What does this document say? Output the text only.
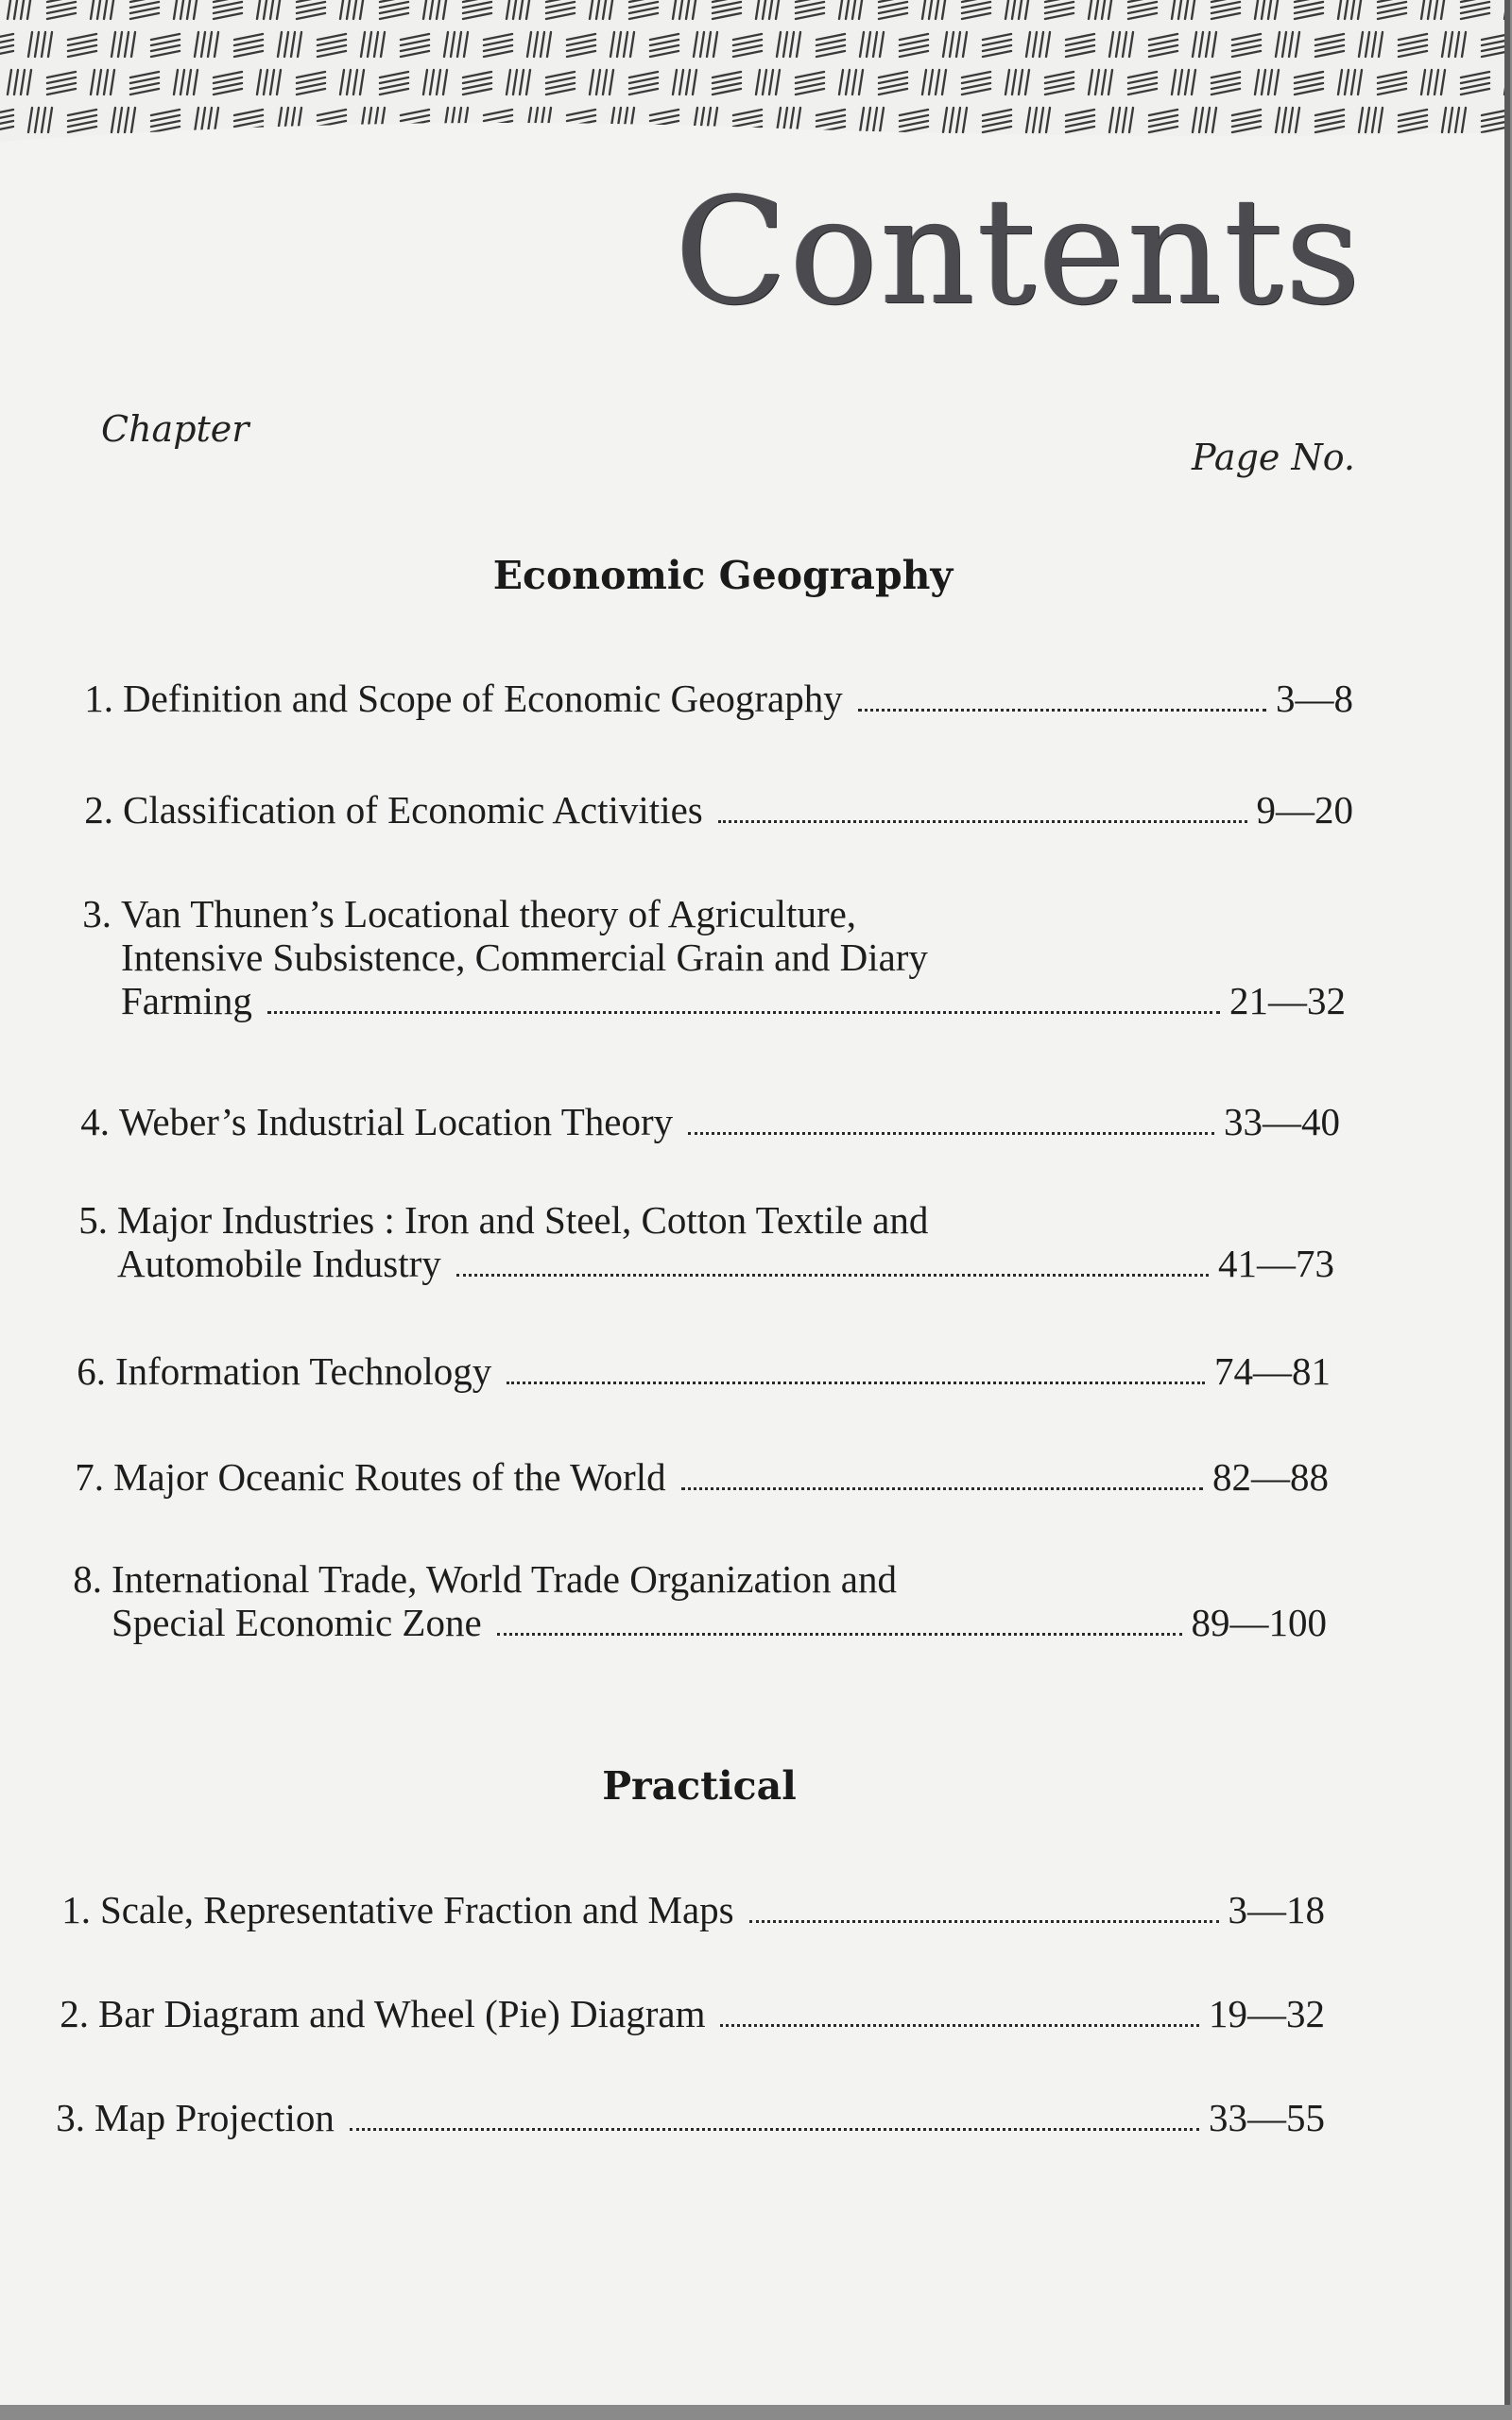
Contents
Chapter
Page No.
Economic Geography
1. Definition and Scope of Economic Geography	3—8
2. Classification of Economic Activities	9—20
3. Van Thunen’s Locational theory of Agriculture,
Intensive Subsistence, Commercial Grain and Diary
Farming	21—32
4. Weber’s Industrial Location Theory	33—40
5. Major Industries : Iron and Steel, Cotton Textile and
Automobile Industry	41—73
6. Information Technology	74—81
7. Major Oceanic Routes of the World	82—88
8. International Trade, World Trade Organization and
Special Economic Zone	89—100
Practical
1. Scale, Representative Fraction and Maps	3—18
2. Bar Diagram and Wheel (Pie) Diagram	19—32
3. Map Projection	33—55
